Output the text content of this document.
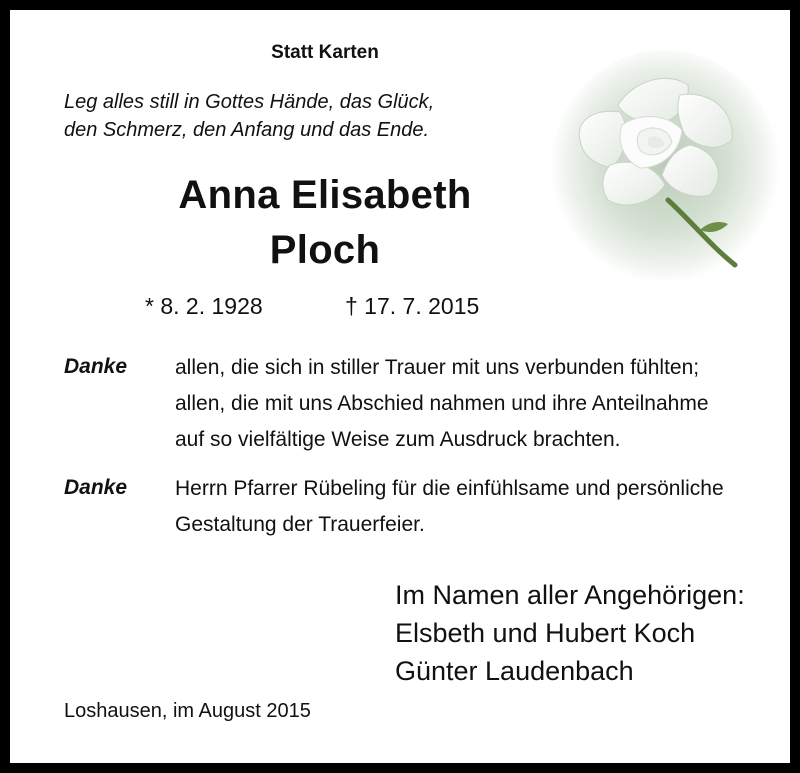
Statt Karten
Leg alles still in Gottes Hände, das Glück,
den Schmerz, den Anfang und das Ende.
Anna Elisabeth
Ploch
* 8. 2. 1928	† 17. 7. 2015
Danke allen, die sich in stiller Trauer mit uns verbunden fühlten;
allen, die mit uns Abschied nahmen und ihre Anteilnahme
auf so vielfältige Weise zum Ausdruck brachten.
Danke Herrn Pfarrer Rübeling für die einfühlsame und persönliche
Gestaltung der Trauerfeier.
Im Namen aller Angehörigen:
Elsbeth und Hubert Koch
Günter Laudenbach
Loshausen, im August 2015
